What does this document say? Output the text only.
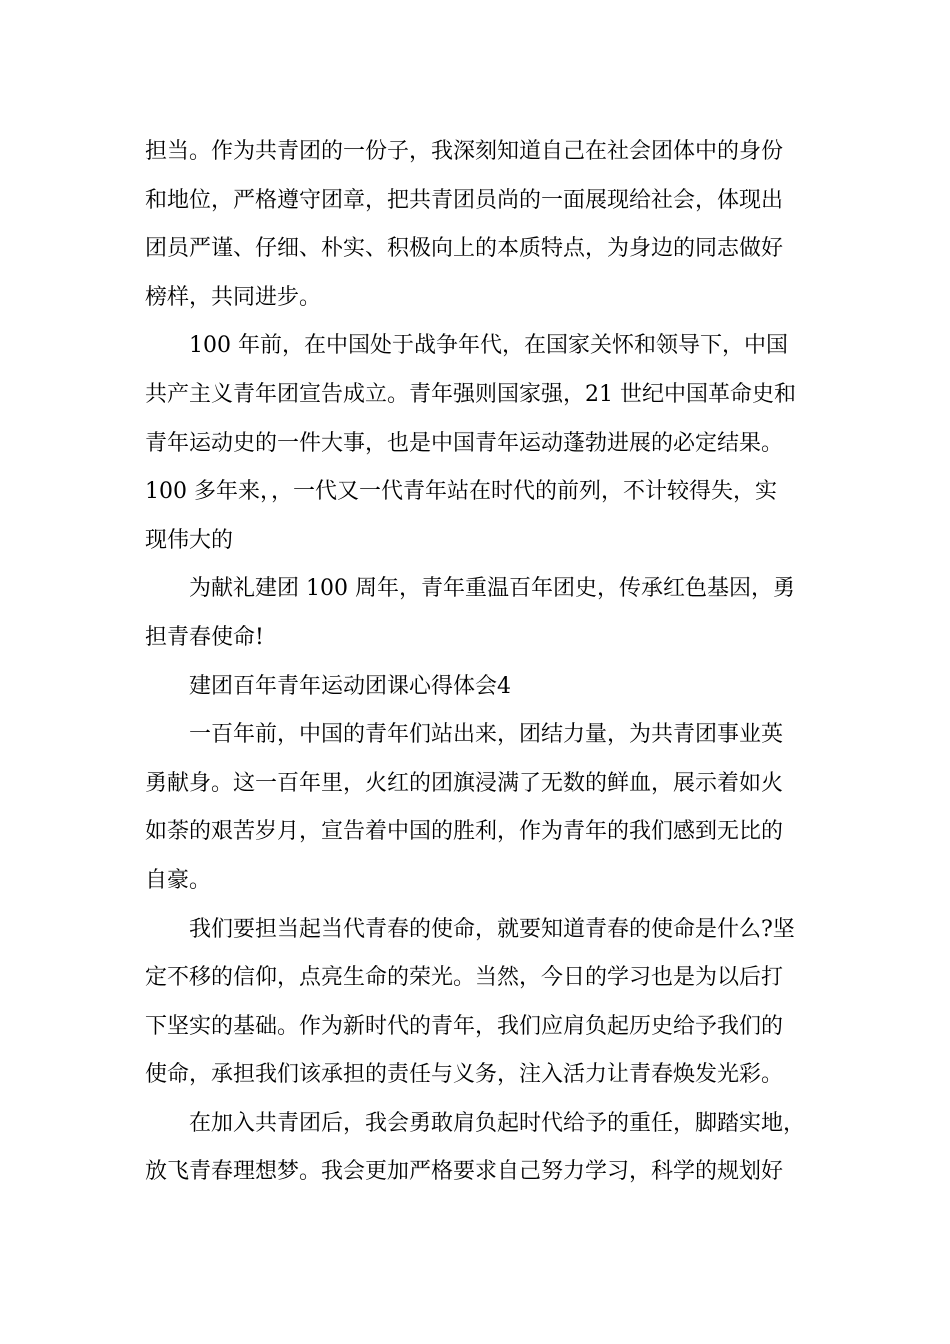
担当。作为共青团的一份子，我深刻知道自己在社会团体中的身份
和地位，严格遵守团章，把共青团员尚的一面展现给社会，体现出
团员严谨、仔细、朴实、积极向上的本质特点，为身边的同志做好
榜样，共同进步。
100 年前，在中国处于战争年代，在国家关怀和领导下，中国
共产主义青年团宣告成立。青年强则国家强，21 世纪中国革命史和
青年运动史的一件大事，也是中国青年运动蓬勃进展的必定结果。
100 多年来，，一代又一代青年站在时代的前列，不计较得失，实
现伟大的
为献礼建团 100 周年，青年重温百年团史，传承红色基因，勇
担青春使命!
建团百年青年运动团课心得体会4
一百年前，中国的青年们站出来，团结力量，为共青团事业英
勇献身。这一百年里，火红的团旗浸满了无数的鲜血，展示着如火
如荼的艰苦岁月，宣告着中国的胜利，作为青年的我们感到无比的
自豪。
我们要担当起当代青春的使命，就要知道青春的使命是什么?坚
定不移的信仰，点亮生命的荣光。当然，今日的学习也是为以后打
下坚实的基础。作为新时代的青年，我们应肩负起历史给予我们的
使命，承担我们该承担的责任与义务，注入活力让青春焕发光彩。
在加入共青团后，我会勇敢肩负起时代给予的重任，脚踏实地，
放飞青春理想梦。我会更加严格要求自己努力学习，科学的规划好
